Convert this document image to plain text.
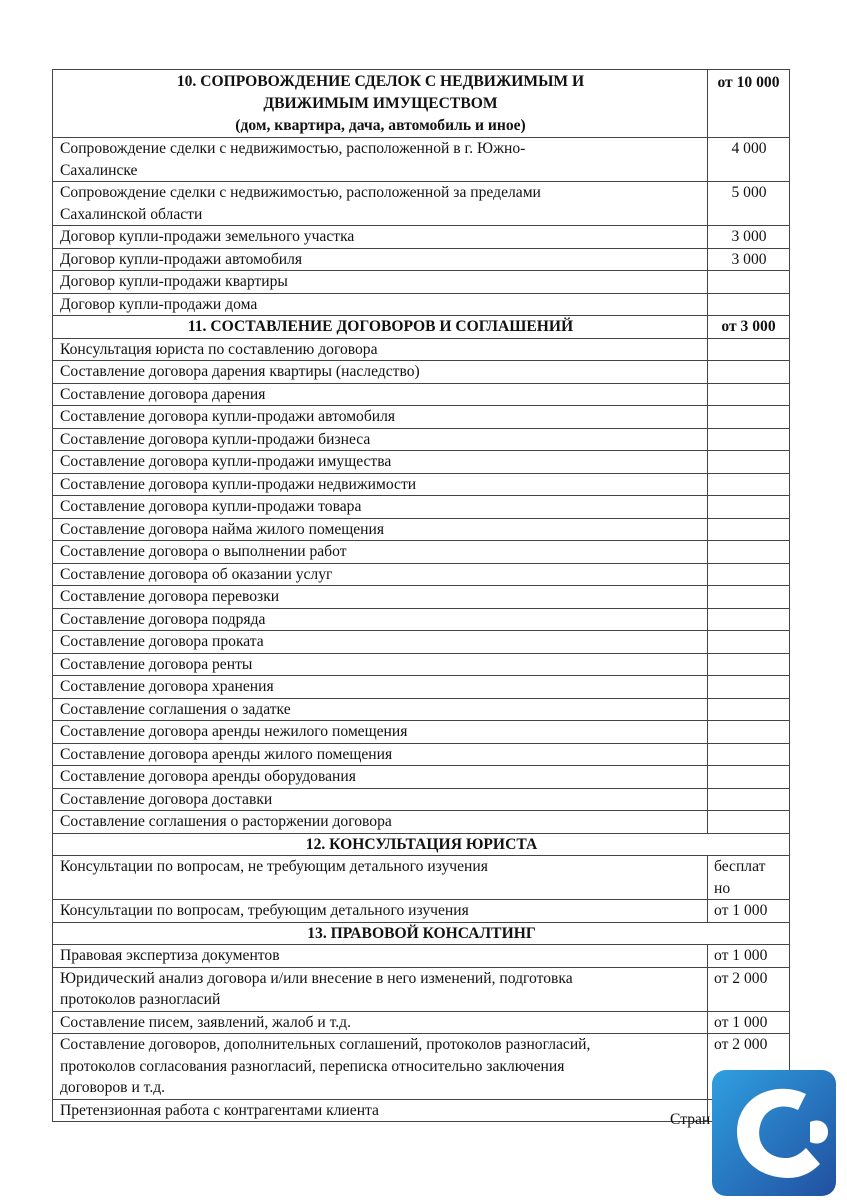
10. СОПРОВОЖДЕНИЕ СДЕЛОК С НЕДВИЖИМЫМ И
ДВИЖИМЫМ ИМУЩЕСТВОМ
(дом, квартира, дача, автомобиль и иное)	от 10 000
Сопровождение сделки с недвижимостью, расположенной в г. Южно-
Сахалинске	4 000
Сопровождение сделки с недвижимостью, расположенной за пределами
Сахалинской области	5 000
Договор купли-продажи земельного участка	3 000
Договор купли-продажи автомобиля	3 000
Договор купли-продажи квартиры	
Договор купли-продажи дома	
11. СОСТАВЛЕНИЕ ДОГОВОРОВ И СОГЛАШЕНИЙ	от 3 000
Консультация юриста по составлению договора	
Составление договора дарения квартиры (наследство)	
Составление договора дарения	
Составление договора купли-продажи автомобиля	
Составление договора купли-продажи бизнеса	
Составление договора купли-продажи имущества	
Составление договора купли-продажи недвижимости	
Составление договора купли-продажи товара	
Составление договора найма жилого помещения	
Составление договора о выполнении работ	
Составление договора об оказании услуг	
Составление договора перевозки	
Составление договора подряда	
Составление договора проката	
Составление договора ренты	
Составление договора хранения	
Составление соглашения о задатке	
Составление договора аренды нежилого помещения	
Составление договора аренды жилого помещения	
Составление договора аренды оборудования	
Составление договора доставки	
Составление соглашения о расторжении договора	
12. КОНСУЛЬТАЦИЯ ЮРИСТА	
Консультации по вопросам, не требующим детального изучения	бесплат
но
Консультации по вопросам, требующим детального изучения	от 1 000
13. ПРАВОВОЙ КОНСАЛТИНГ	
Правовая экспертиза документов	от 1 000
Юридический анализ договора и/или внесение в него изменений, подготовка
протоколов разногласий	от 2 000
Составление писем, заявлений, жалоб и т.д.	от 1 000
Составление договоров, дополнительных соглашений, протоколов разногласий,
протоколов согласования разногласий, переписка относительно заключения
договоров и т.д.	от 2 000
Претензионная работа с контрагентами клиента	
Стран
